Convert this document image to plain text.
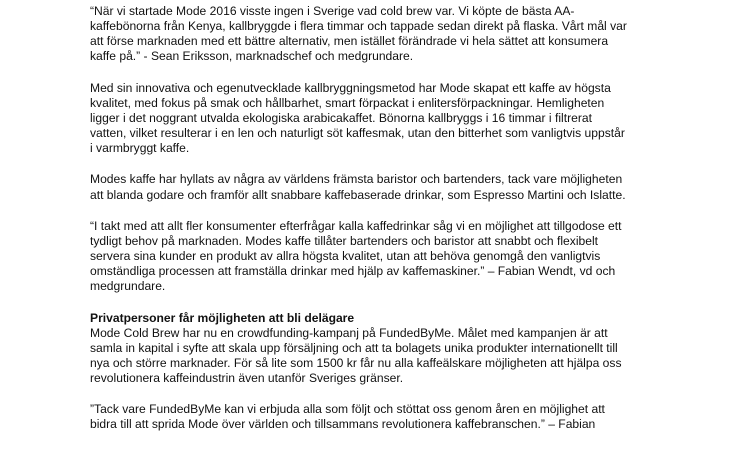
“När vi startade Mode 2016 visste ingen i Sverige vad cold brew var. Vi köpte de bästa AA-
kaffebönorna från Kenya, kallbryggde i flera timmar och tappade sedan direkt på flaska. Vårt mål var
att förse marknaden med ett bättre alternativ, men istället förändrade vi hela sättet att konsumera
kaffe på.” - Sean Eriksson, marknadschef och medgrundare.

Med sin innovativa och egenutvecklade kallbryggningsmetod har Mode skapat ett kaffe av högsta
kvalitet, med fokus på smak och hållbarhet, smart förpackat i enlitersförpackningar. Hemligheten
ligger i det noggrant utvalda ekologiska arabicakaffet. Bönorna kallbryggs i 16 timmar i filtrerat
vatten, vilket resulterar i en len och naturligt söt kaffesmak, utan den bitterhet som vanligtvis uppstår
i varmbryggt kaffe.

Modes kaffe har hyllats av några av världens främsta baristor och bartenders, tack vare möjligheten
att blanda godare och framför allt snabbare kaffebaserade drinkar, som Espresso Martini och Islatte.

“I takt med att allt fler konsumenter efterfrågar kalla kaffedrinkar såg vi en möjlighet att tillgodose ett
tydligt behov på marknaden. Modes kaffe tillåter bartenders och baristor att snabbt och flexibelt
servera sina kunder en produkt av allra högsta kvalitet, utan att behöva genomgå den vanligtvis
omständliga processen att framställa drinkar med hjälp av kaffemaskiner.” – Fabian Wendt, vd och
medgrundare.

Privatpersoner får möjligheten att bli delägare
Mode Cold Brew har nu en crowdfunding-kampanj på FundedByMe. Målet med kampanjen är att
samla in kapital i syfte att skala upp försäljning och att ta bolagets unika produkter internationellt till
nya och större marknader. För så lite som 1500 kr får nu alla kaffeälskare möjligheten att hjälpa oss
revolutionera kaffeindustrin även utanför Sveriges gränser.

”Tack vare FundedByMe kan vi erbjuda alla som följt och stöttat oss genom åren en möjlighet att
bidra till att sprida Mode över världen och tillsammans revolutionera kaffebranschen.” – Fabian
